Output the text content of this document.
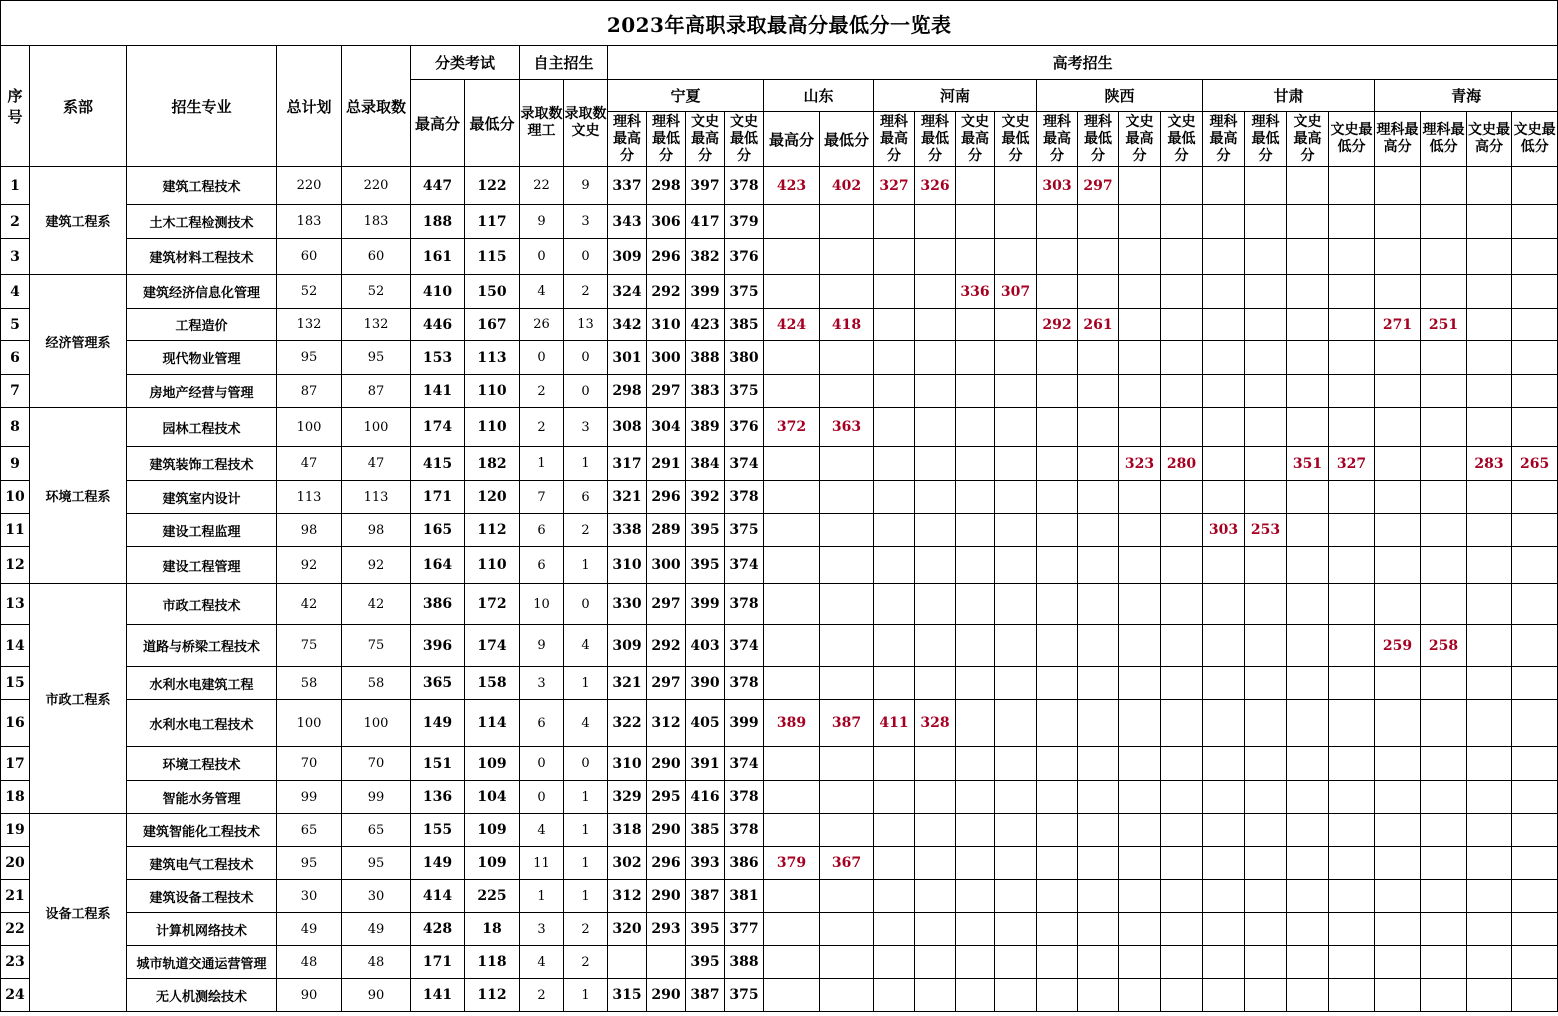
2023年高职录取最高分最低分一览表																														
序号	系部	招生专业	总计划	总录取数	分类考试		自主招生		高考招生																					
					最高分	最低分	录取数理工	录取数文史	宁夏				山东		河南				陕西				甘肃				青海			
									理科最高分	理科最低分	文史最高分	文史最低分	最高分	最低分	理科最高分	理科最低分	文史最高分	文史最低分	理科最高分	理科最低分	文史最高分	文史最低分	理科最高分	理科最低分	文史最高分	文史最低分	理科最高分	理科最低分	文史最高分	文史最低分
1	建筑工程系	建筑工程技术	220	220	447	122	22	9	337	298	397	378	423	402	327	326			303	297										
2		土木工程检测技术	183	183	188	117	9	3	343	306	417	379																		
3		建筑材料工程技术	60	60	161	115	0	0	309	296	382	376																		
4	经济管理系	建筑经济信息化管理	52	52	410	150	4	2	324	292	399	375					336	307												
5		工程造价	132	132	446	167	26	13	342	310	423	385	424	418					292	261							271	251		
6		现代物业管理	95	95	153	113	0	0	301	300	388	380																		
7		房地产经营与管理	87	87	141	110	2	0	298	297	383	375																		
8	环境工程系	园林工程技术	100	100	174	110	2	3	308	304	389	376	372	363																
9		建筑装饰工程技术	47	47	415	182	1	1	317	291	384	374									323	280			351	327			283	265
10		建筑室内设计	113	113	171	120	7	6	321	296	392	378																		
11		建设工程监理	98	98	165	112	6	2	338	289	395	375											303	253						
12		建设工程管理	92	92	164	110	6	1	310	300	395	374																		
13	市政工程系	市政工程技术	42	42	386	172	10	0	330	297	399	378																		
14		道路与桥梁工程技术	75	75	396	174	9	4	309	292	403	374															259	258		
15		水利水电建筑工程	58	58	365	158	3	1	321	297	390	378																		
16		水利水电工程技术	100	100	149	114	6	4	322	312	405	399	389	387	411	328														
17		环境工程技术	70	70	151	109	0	0	310	290	391	374																		
18		智能水务管理	99	99	136	104	0	1	329	295	416	378																		
19	设备工程系	建筑智能化工程技术	65	65	155	109	4	1	318	290	385	378																		
20		建筑电气工程技术	95	95	149	109	11	1	302	296	393	386	379	367																
21		建筑设备工程技术	30	30	414	225	1	1	312	290	387	381																		
22		计算机网络技术	49	49	428	18	3	2	320	293	395	377																		
23		城市轨道交通运营管理	48	48	171	118	4	2			395	388																		
24		无人机测绘技术	90	90	141	112	2	1	315	290	387	375																		
